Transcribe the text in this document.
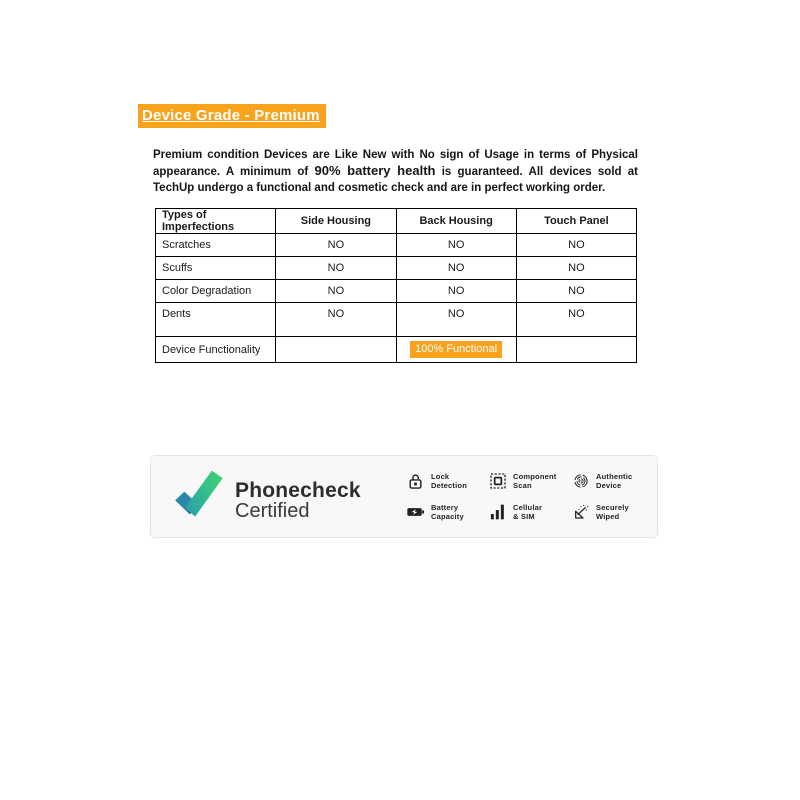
Device Grade - Premium

Premium condition Devices are Like New with No sign of Usage in terms of Physical appearance. A minimum of 90% battery health is guaranteed. All devices sold at TechUp undergo a functional and cosmetic check and are in perfect working order.

Types of Imperfections	Side Housing	Back Housing	Touch Panel
Scratches	NO	NO	NO
Scuffs	NO	NO	NO
Color Degradation	NO	NO	NO
Dents	NO	NO	NO
Device Functionality		100% Functional	
Phonecheck
Certified
Lock
Detection
Component
Scan
Authentic
Device
Battery
Capacity
Cellular
& SIM
Securely
Wiped
